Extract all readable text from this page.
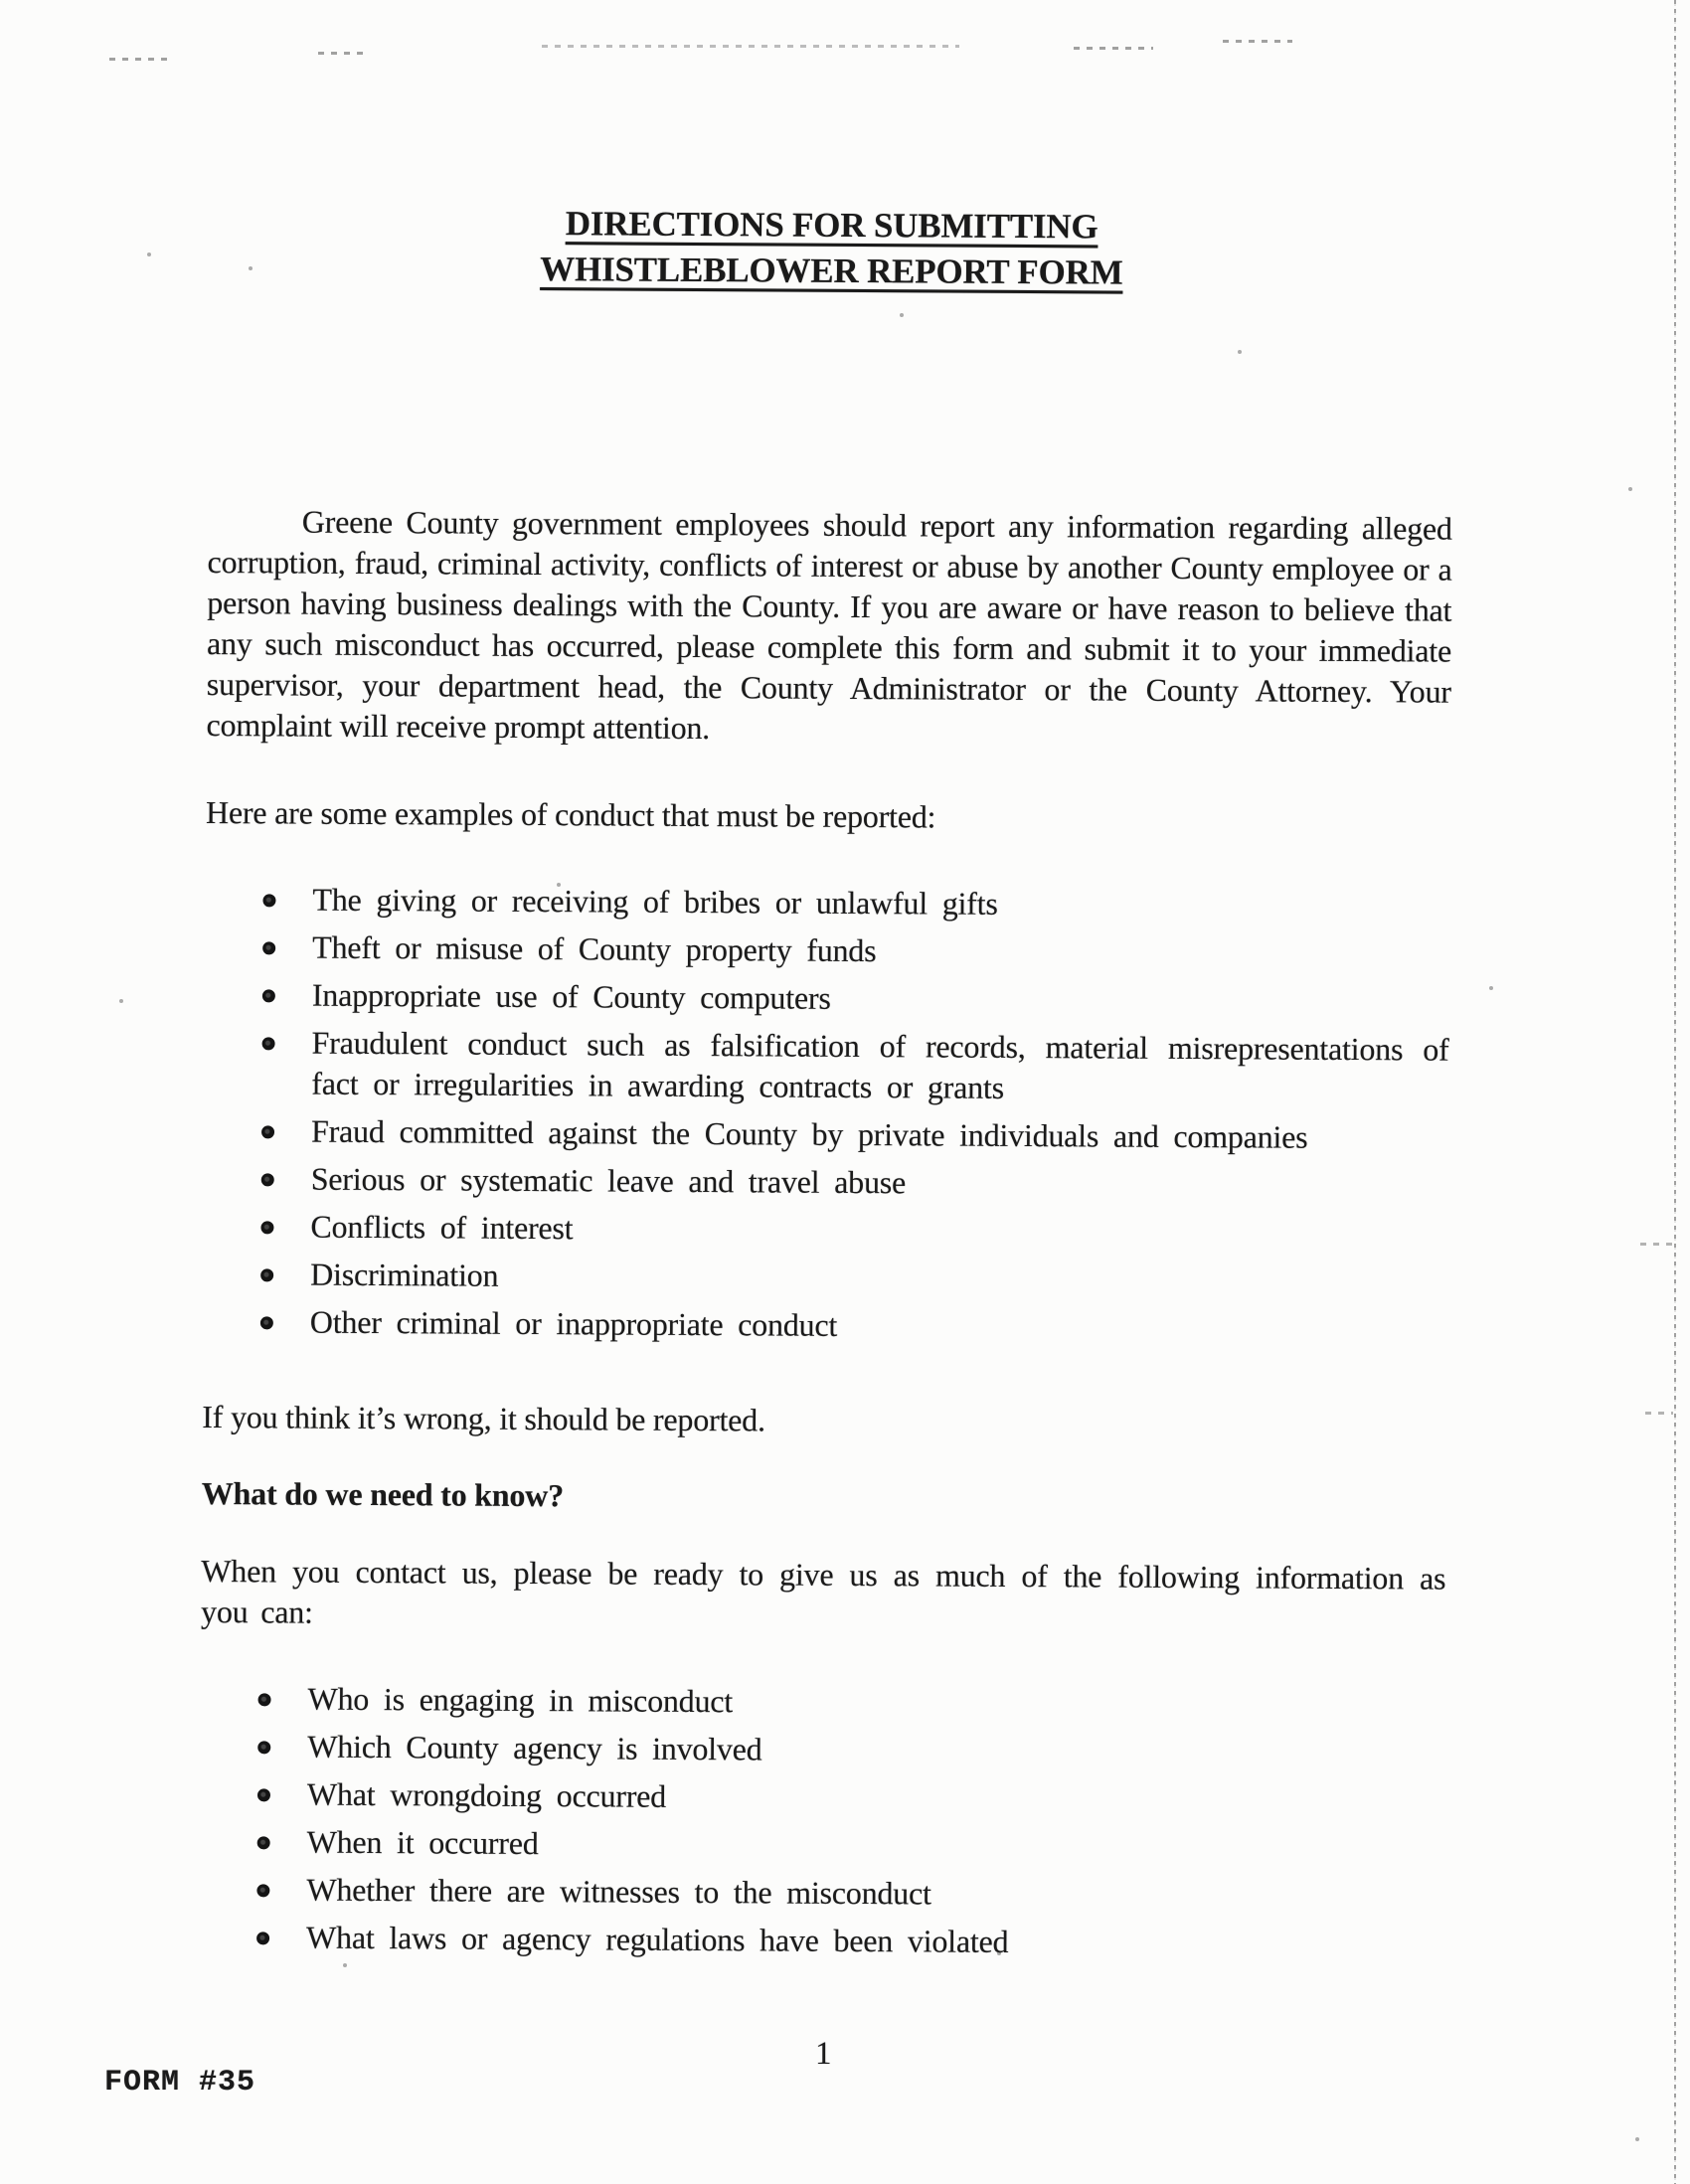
DIRECTIONS FOR SUBMITTING
WHISTLEBLOWER REPORT FORM

Greene County government employees should report any information regarding alleged corruption, fraud, criminal activity, conflicts of interest or abuse by another County employee or a person having business dealings with the County. If you are aware or have reason to believe that any such misconduct has occurred, please complete this form and submit it to your immediate supervisor, your department head, the County Administrator or the County Attorney. Your complaint will receive prompt attention.

Here are some examples of conduct that must be reported:

The giving or receiving of bribes or unlawful gifts
Theft or misuse of County property funds
Inappropriate use of County computers
Fraudulent conduct such as falsification of records, material misrepresentations of fact or irregularities in awarding contracts or grants
Fraud committed against the County by private individuals and companies
Serious or systematic leave and travel abuse
Conflicts of interest
Discrimination
Other criminal or inappropriate conduct

If you think it’s wrong, it should be reported.

What do we need to know?

When you contact us, please be ready to give us as much of the following information as you can:

Who is engaging in misconduct
Which County agency is involved
What wrongdoing occurred
When it occurred
Whether there are witnesses to the misconduct
What laws or agency regulations have been violated
1
FORM #35
